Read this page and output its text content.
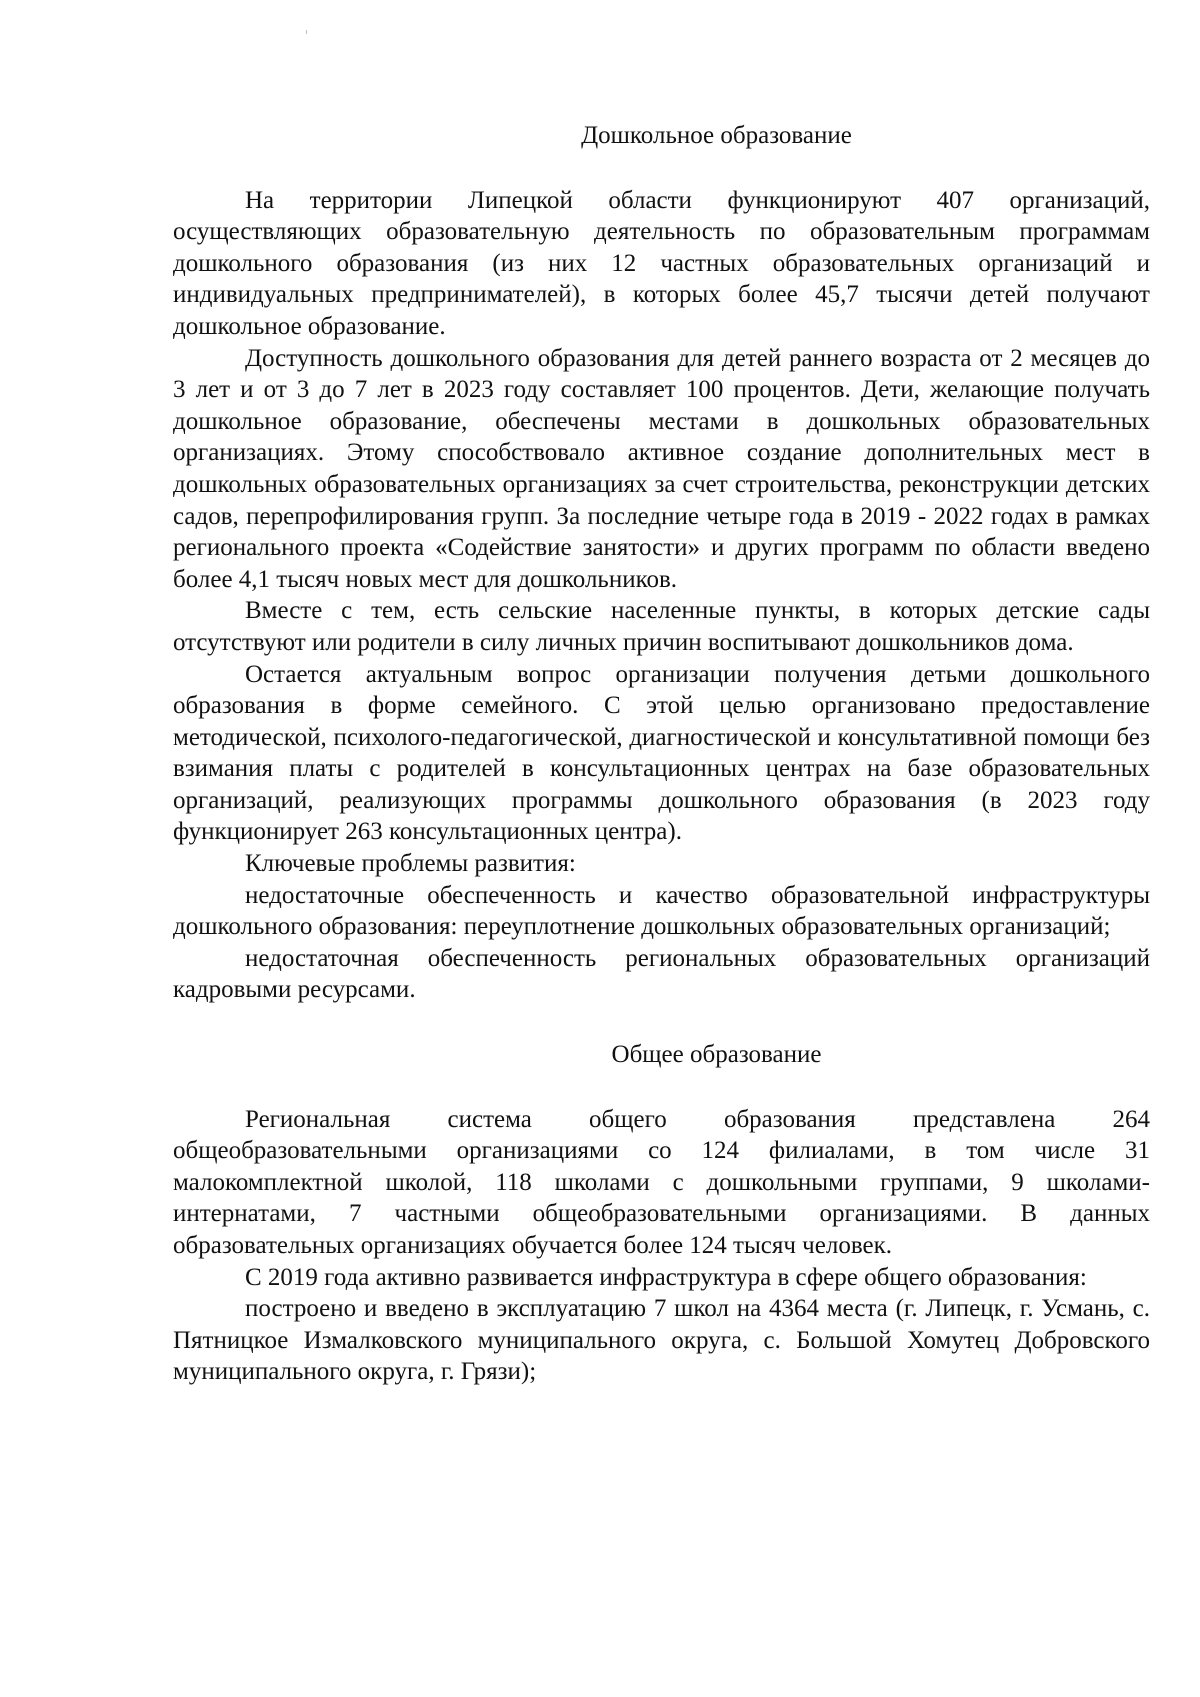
Дошкольное образование

На территории Липецкой области функционируют 407 организаций, осуществляющих образовательную деятельность по образовательным программам дошкольного образования (из них 12 частных образовательных организаций и индивидуальных предпринимателей), в которых более 45,7 тысячи детей получают дошкольное образование.

Доступность дошкольного образования для детей раннего возраста от 2 месяцев до 3 лет и от 3 до 7 лет в 2023 году составляет 100 процентов. Дети, желающие получать дошкольное образование, обеспечены местами в дошкольных образовательных организациях. Этому способствовало активное создание дополнительных мест в дошкольных образовательных организациях за счет строительства, реконструкции детских садов, перепрофилирования групп. За последние четыре года в 2019 - 2022 годах в рамках регионального проекта «Содействие занятости» и других программ по области введено более 4,1 тысяч новых мест для дошкольников.

Вместе с тем, есть сельские населенные пункты, в которых детские сады отсутствуют или родители в силу личных причин воспитывают дошкольников дома.

Остается актуальным вопрос организации получения детьми дошкольного образования в форме семейного. С этой целью организовано предоставление методической, психолого-педагогической, диагностической и консультативной помощи без взимания платы с родителей в консультационных центрах на базе образовательных организаций, реализующих программы дошкольного образования (в 2023 году функционирует 263 консультационных центра).

Ключевые проблемы развития:

недостаточные обеспеченность и качество образовательной инфраструктуры дошкольного образования: переуплотнение дошкольных образовательных организаций;

недостаточная обеспеченность региональных образовательных организаций кадровыми ресурсами.

Общее образование

Региональная система общего образования представлена 264 общеобразовательными организациями со 124 филиалами, в том числе 31 малокомплектной школой, 118 школами с дошкольными группами, 9 школами-интернатами, 7 частными общеобразовательными организациями. В данных образовательных организациях обучается более 124 тысяч человек.

С 2019 года активно развивается инфраструктура в сфере общего образования:

построено и введено в эксплуатацию 7 школ на 4364 места (г. Липецк, г. Усмань, с. Пятницкое Измалковского муниципального округа, с. Большой Хомутец Добровского муниципального округа, г. Грязи);
